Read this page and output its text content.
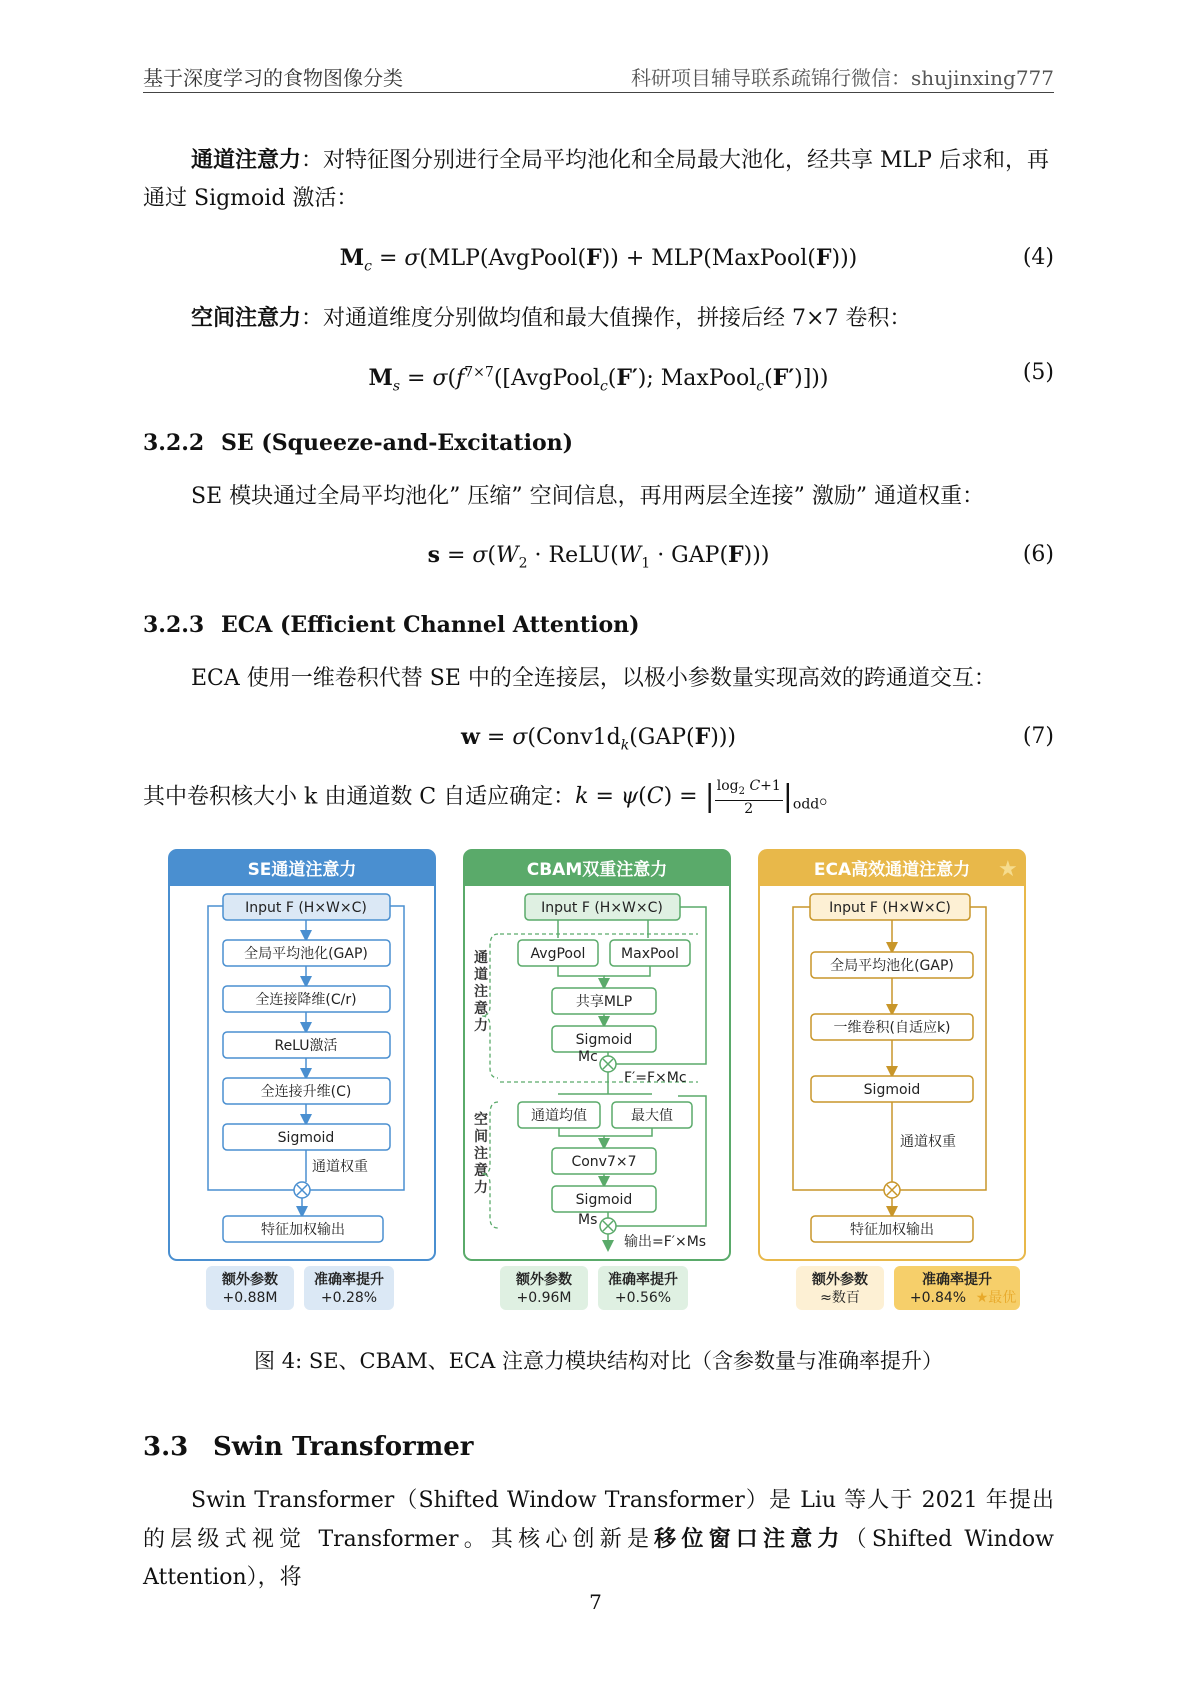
基于深度学习的食物图像分类	科研项目辅导联系疏锦行微信：shujinxing777
通道注意力：对特征图分别进行全局平均池化和全局最大池化，经共享 MLP 后求和，再通过 Sigmoid 激活：
$M_c$ = σ(MLP(AvgPool(F)) + MLP(MaxPool(F)))	(4)
空间注意力：对通道维度分别做均值和最大值操作，拼接后经 7×7 卷积：
$M_s$ = $\sigma(f^{7\times 7}([AvgPool_c(F')$; MaxPool$_c$(F′)]))	(5)
3.2.2 SE (Squeeze-and-Excitation)
SE 模块通过全局平均池化” 压缩” 空间信息，再用两层全连接” 激励” 通道权重：
$s = \sigma(W_2$ · $ReLU(W_1 \cdot GAP(F))$)	(6)
3.2.3 ECA (Efficient Channel Attention)
ECA 使用一维卷积代替 SE 中的全连接层，以极小参数量实现高效的跨通道交互：
$w = \sigma(Conv1d_k(GAP(F)))$	(7)
其中卷积核大小 k 由通道数 C 自适应确定：k = ψ(C) = | $\frac{\log_2 C+1}{2} |_{odd}$。
SE通道注意力
Input F (H×W×C)
全局平均池化(GAP)
全连接降维(C/r)
ReLU激活
全连接升维(C)
Sigmoid
通道权重
特征加权输出
额外参数
+0.88M
准确率提升
+0.28%
CBAM双重注意力
通道注意力
空间注意力
Input F (H×W×C)
AvgPool	MaxPool
共享MLP
Sigmoid
Mc
F′=F×Mc
通道均值	最大值
Conv7×7
Sigmoid
Ms
输出=F′×Ms
额外参数
+0.96M
准确率提升
+0.56%
ECA高效通道注意力 ★
Input F (H×W×C)
全局平均池化(GAP)
一维卷积(自适应k)
Sigmoid
通道权重
特征加权输出
额外参数
≈数百
准确率提升
+0.84% ★最优
图 4: SE、CBAM、ECA 注意力模块结构对比（含参数量与准确率提升）
3.3 Swin Transformer
Swin Transformer（Shifted Window Transformer）是 Liu 等人于 2021 年提出的层级式视觉 Transformer。其核心创新是移位窗口注意力（Shifted Window Attention），将
7
